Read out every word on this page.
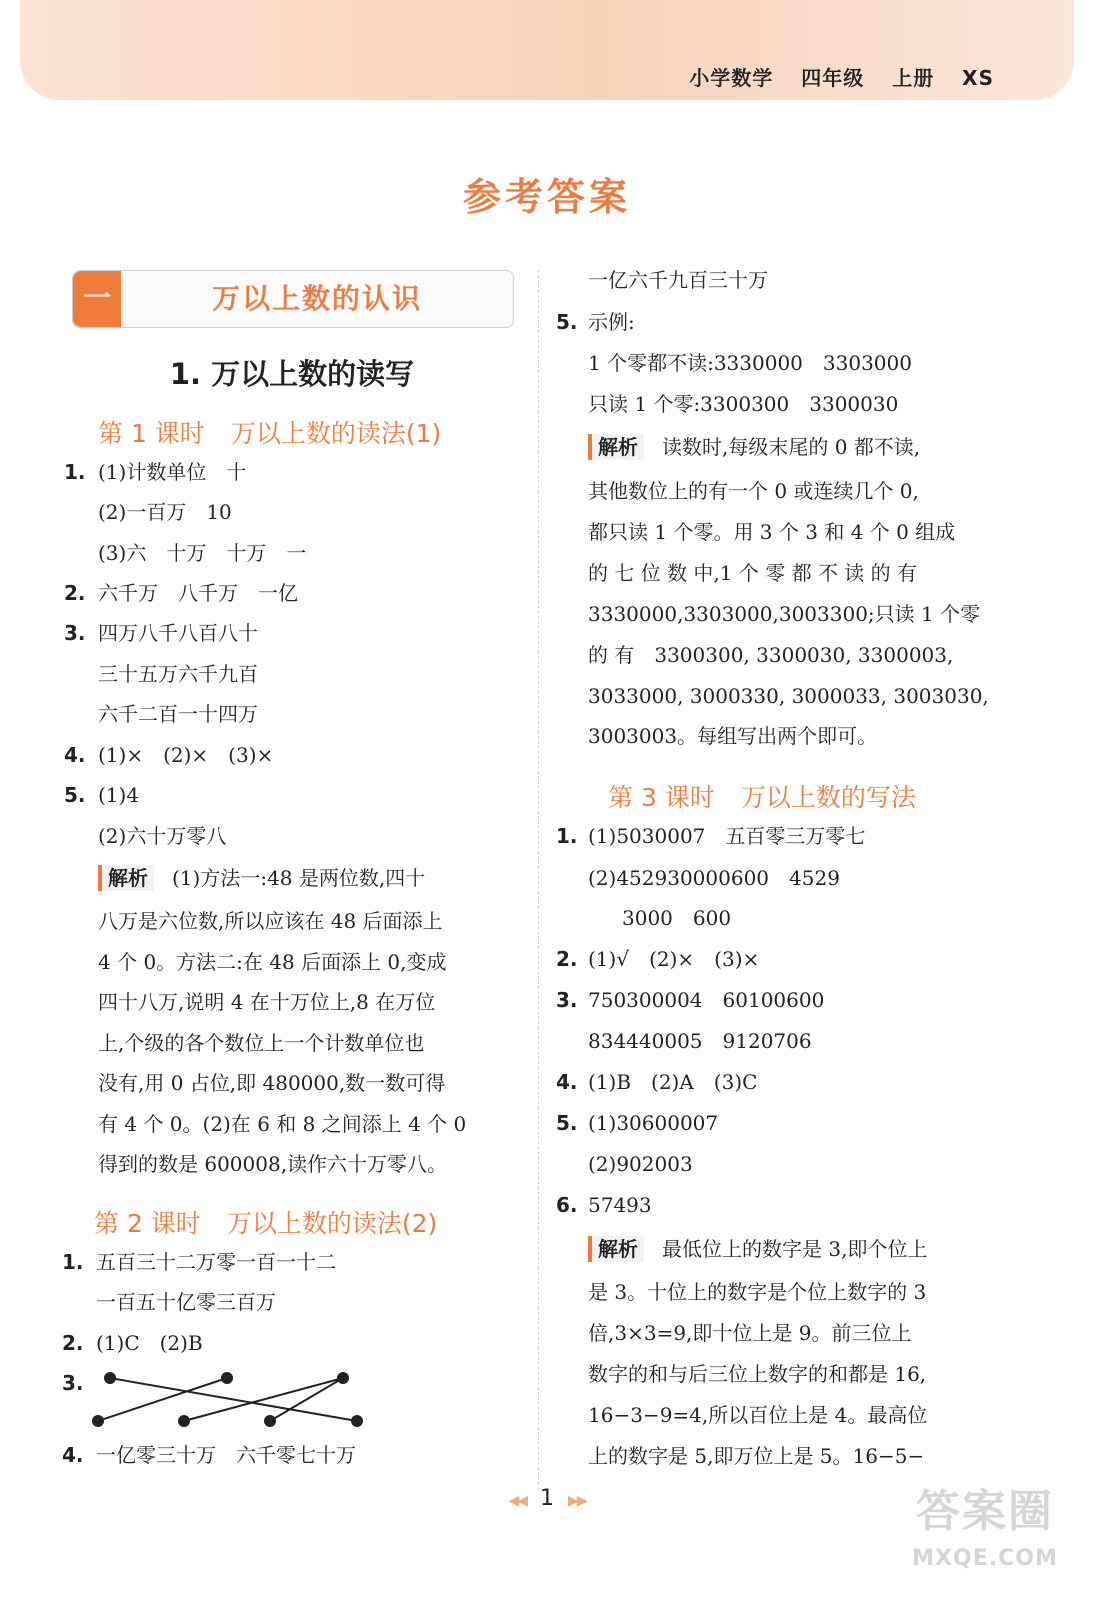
小学数学 四年级 上册 XS
参考答案
一	万以上数的认识
1. 万以上数的读写
第 1 课时 万以上数的读法(1)
1. (1)计数单位　十
(2)一百万　10
(3)六　十万　十万　一
2. 六千万　八千万　一亿
3. 四万八千八百八十
三十五万六千九百
六千二百一十四万
4. (1)×　(2)×　(3)×
5. (1)4
(2)六十万零八
解析 (1)方法一:48 是两位数,四十
八万是六位数,所以应该在 48 后面添上
4 个 0。方法二:在 48 后面添上 0,变成
四十八万,说明 4 在十万位上,8 在万位
上,个级的各个数位上一个计数单位也
没有,用 0 占位,即 480000,数一数可得
有 4 个 0。(2)在 6 和 8 之间添上 4 个 0
得到的数是 600008,读作六十万零八。
第 2 课时 万以上数的读法(2)
1. 五百三十二万零一百一十二
一百五十亿零三百万
2. (1)C　(2)B
3.
4. 一亿零三十万　六千零七十万
一亿六千九百三十万
5. 示例:
1 个零都不读:3330000　3303000
只读 1 个零:3300300　3300030
解析 读数时,每级末尾的 0 都不读,
其他数位上的有一个 0 或连续几个 0,
都只读 1 个零。用 3 个 3 和 4 个 0 组成
的 七 位 数 中,1 个 零 都 不 读 的 有
3330000,3303000,3003300;只读 1 个零
的 有　3300300, 3300030, 3300003,
3033000, 3000330, 3000033, 3003030,
3003003。每组写出两个即可。
第 3 课时 万以上数的写法
1. (1)5030007　五百零三万零七
(2)452930000600　4529
3000　600
2. (1)√　(2)×　(3)×
3. 750300004　60100600
834440005　9120706
4. (1)B　(2)A　(3)C
5. (1)30600007
(2)902003
6. 57493
解析 最低位上的数字是 3,即个位上
是 3。十位上的数字是个位上数字的 3
倍,3×3=9,即十位上是 9。前三位上
数字的和与后三位上数字的和都是 16,
16−3−9=4,所以百位上是 4。最高位
上的数字是 5,即万位上是 5。16−5−
◀◀ 1 ▶▶	答案圈
MXQE.COM
